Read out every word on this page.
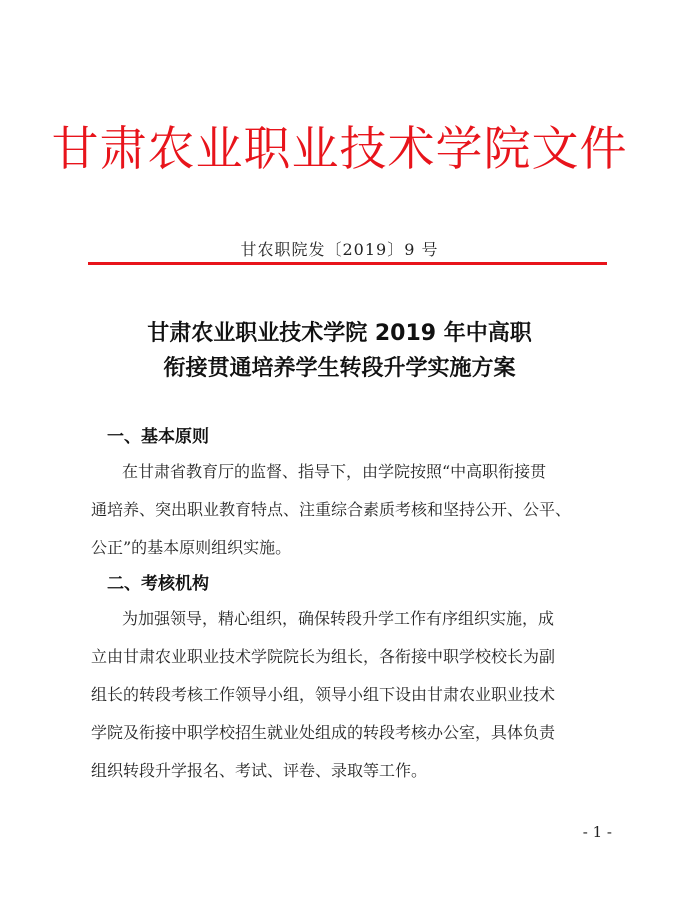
甘肃农业职业技术学院文件
甘农职院发〔2019〕9 号
甘肃农业职业技术学院 2019 年中高职
衔接贯通培养学生转段升学实施方案
一、基本原则
在甘肃省教育厅的监督、指导下，由学院按照“中高职衔接贯
通培养、突出职业教育特点、注重综合素质考核和坚持公开、公平、
公正”的基本原则组织实施。
二、考核机构
为加强领导，精心组织，确保转段升学工作有序组织实施，成
立由甘肃农业职业技术学院院长为组长，各衔接中职学校校长为副
组长的转段考核工作领导小组，领导小组下设由甘肃农业职业技术
学院及衔接中职学校招生就业处组成的转段考核办公室，具体负责
组织转段升学报名、考试、评卷、录取等工作。
- 1 -
